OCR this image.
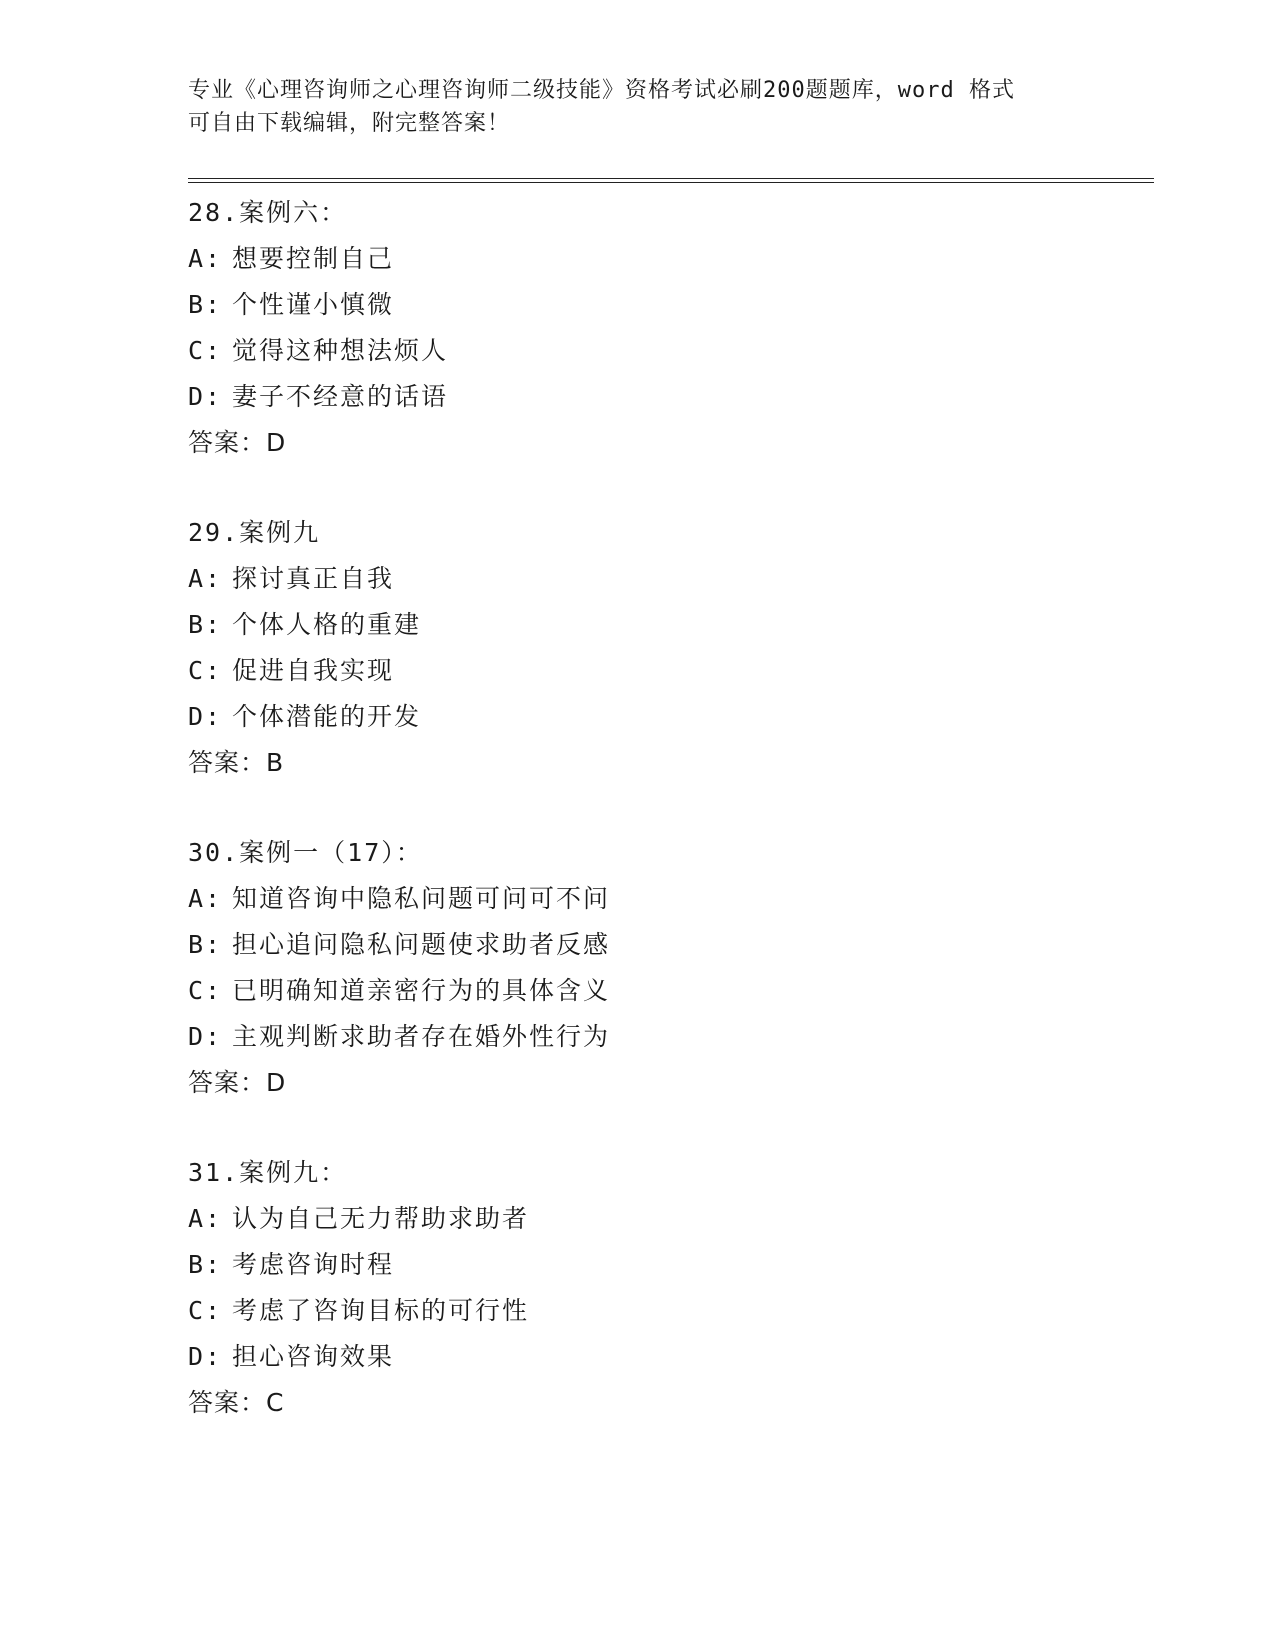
专业《心理咨询师之心理咨询师二级技能》资格考试必刷200题题库，word 格式
可自由下载编辑，附完整答案！
28.案例六：
A: 想要控制自己
B: 个性谨小慎微
C: 觉得这种想法烦人
D: 妻子不经意的话语
答案：D
29.案例九
A: 探讨真正自我
B: 个体人格的重建
C: 促进自我实现
D: 个体潜能的开发
答案：B
30.案例一（17）：
A: 知道咨询中隐私问题可问可不问
B: 担心追问隐私问题使求助者反感
C: 已明确知道亲密行为的具体含义
D: 主观判断求助者存在婚外性行为
答案：D
31.案例九：
A: 认为自己无力帮助求助者
B: 考虑咨询时程
C: 考虑了咨询目标的可行性
D: 担心咨询效果
答案：C
